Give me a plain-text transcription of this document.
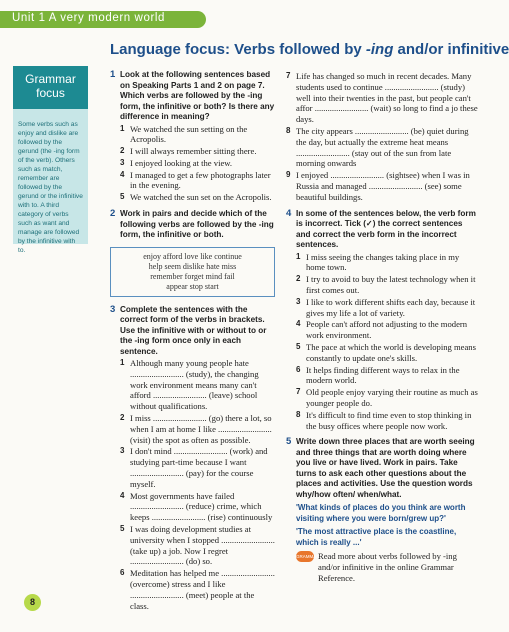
Unit 1 A very modern world
Language focus: Verbs followed by -ing and/or infinitive
Grammar focus
Some verbs such as enjoy and dislike are followed by the gerund (the -ing form of the verb). Others such as match, remember are followed by the gerund or the infinitive with to. A third category of verbs such as want and manage are followed by the infinitive with to.
1 Look at the following sentences based on Speaking Parts 1 and 2 on page 7. Which verbs are followed by the -ing form, the infinitive or both? Is there any difference in meaning?
1 We watched the sun setting on the Acropolis.
2 I will always remember sitting there.
3 I enjoyed looking at the view.
4 I managed to get a few photographs later in the evening.
5 We watched the sun set on the Acropolis.
2 Work in pairs and decide which of the following verbs are followed by the -ing form, the infinitive or both.
enjoy afford love like continue
help seem dislike hate miss
remember forget mind fail
appear stop start
3 Complete the sentences with the correct form of the verbs in brackets. Use the infinitive with or without to or the -ing form once only in each sentence.
1 Although many young people hate ......................... (study), the changing work environment means many can't afford ......................... (leave) school without qualifications.
2 I miss ......................... (go) there a lot, so when I am at home I like ......................... (visit) the spot as often as possible.
3 I don't mind ......................... (work) and studying part-time because I want ......................... (pay) for the course myself.
4 Most governments have failed ......................... (reduce) crime, which keeps ......................... (rise) continuously
5 I was doing development studies at university when I stopped ......................... (take up) a job. Now I regret ......................... (do) so.
6 Meditation has helped me ......................... (overcome) stress and I like ......................... (meet) people at the class.
7 Life has changed so much in recent decades. Many students used to continue ......................... (study) well into their twenties in the past, but people can't affor ......................... (wait) so long to find a jo these days.
8 The city appears ......................... (be) quiet during the day, but actually the extreme heat means ......................... (stay out of the sun from late morning onwards
9 I enjoyed ......................... (sightsee) when I was in Russia and managed ......................... (see) some beautiful buildings.
4 In some of the sentences below, the verb form is incorrect. Tick (✓) the correct sentences and correct the verb form in the incorrect sentences.
1 I miss seeing the changes taking place in my home town.
2 I try to avoid to buy the latest technology when it first comes out.
3 I like to work different shifts each day, because it gives my life a lot of variety.
4 People can't afford not adjusting to the modern work environment.
5 The pace at which the world is developing means constantly to update one's skills.
6 It helps finding different ways to relax in the modern world.
7 Old people enjoy varying their routine as much as younger people do.
8 It's difficult to find time even to stop thinking in the busy offices where people now work.
5 Write down three places that are worth seeing and three things that are worth doing where you live or have lived. Work in pairs. Take turns to ask each other questions about the places and activities. Use the question words why/how often/ when/what.
'What kinds of places do you think are worth visiting where you were born/grew up?'
'The most attractive place is the coastline, which is really ...'
GRAMMAR
Read more about verbs followed by -ing and/or infinitive in the online Grammar Reference.
8
